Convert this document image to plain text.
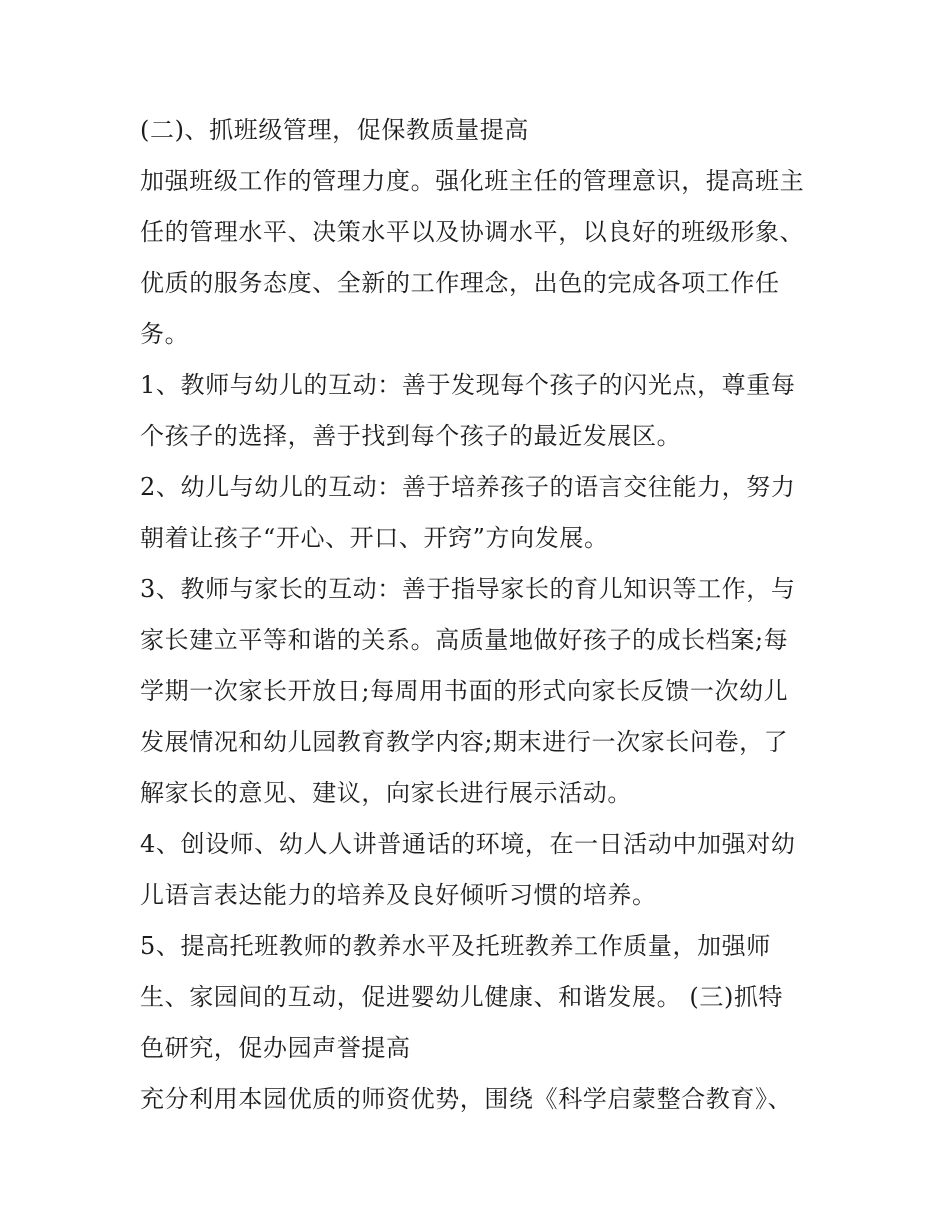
(二)、抓班级管理，促保教质量提高

加强班级工作的管理力度。强化班主任的管理意识，提高班主

任的管理水平、决策水平以及协调水平，以良好的班级形象、

优质的服务态度、全新的工作理念，出色的完成各项工作任

务。

1、教师与幼儿的互动：善于发现每个孩子的闪光点，尊重每

个孩子的选择，善于找到每个孩子的最近发展区。

2、幼儿与幼儿的互动：善于培养孩子的语言交往能力，努力

朝着让孩子“开心、开口、开窍”方向发展。

3、教师与家长的互动：善于指导家长的育儿知识等工作，与

家长建立平等和谐的关系。高质量地做好孩子的成长档案;每

学期一次家长开放日;每周用书面的形式向家长反馈一次幼儿

发展情况和幼儿园教育教学内容;期末进行一次家长问卷，了

解家长的意见、建议，向家长进行展示活动。

4、创设师、幼人人讲普通话的环境，在一日活动中加强对幼

儿语言表达能力的培养及良好倾听习惯的培养。

5、提高托班教师的教养水平及托班教养工作质量，加强师

生、家园间的互动，促进婴幼儿健康、和谐发展。 (三)抓特

色研究，促办园声誉提高

充分利用本园优质的师资优势，围绕《科学启蒙整合教育》、
